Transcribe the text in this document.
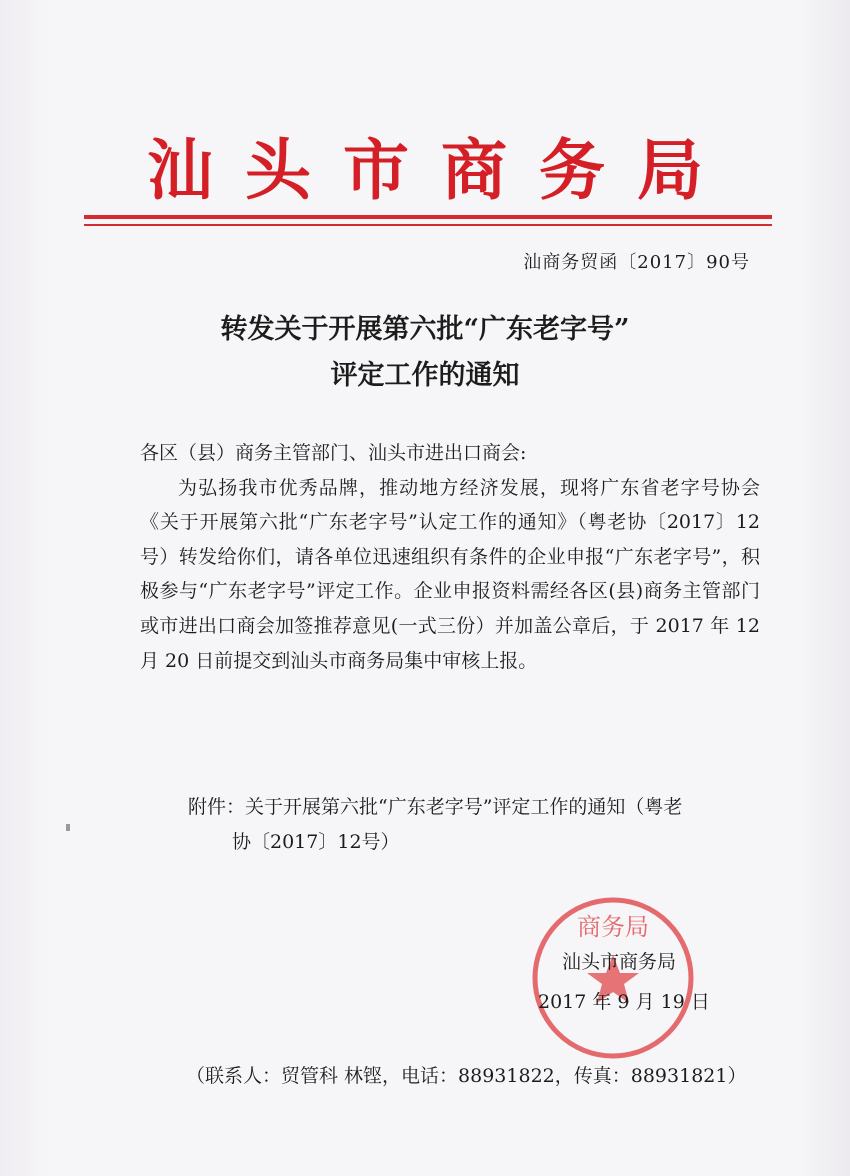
汕头市商务局
汕商务贸函〔2017〕90号
转发关于开展第六批“广东老字号”
评定工作的通知

各区（县）商务主管部门、汕头市进出口商会:

为弘扬我市优秀品牌，推动地方经济发展，现将广东省老字号协会《关于开展第六批“广东老字号”认定工作的通知》（粤老协〔2017〕12 号）转发给你们，请各单位迅速组织有条件的企业申报“广东老字号”，积极参与“广东老字号”评定工作。企业申报资料需经各区(县)商务主管部门或市进出口商会加签推荐意见(一式三份）并加盖公章后，于 2017 年 12 月 20 日前提交到汕头市商务局集中审核上报。

附件：关于开展第六批“广东老字号”评定工作的通知（粤老
协〔2017〕12号）
商务局
汕头市商务局
2017 年 9 月 19 日
（联系人：贸管科 林铿，电话：88931822，传真：88931821）
